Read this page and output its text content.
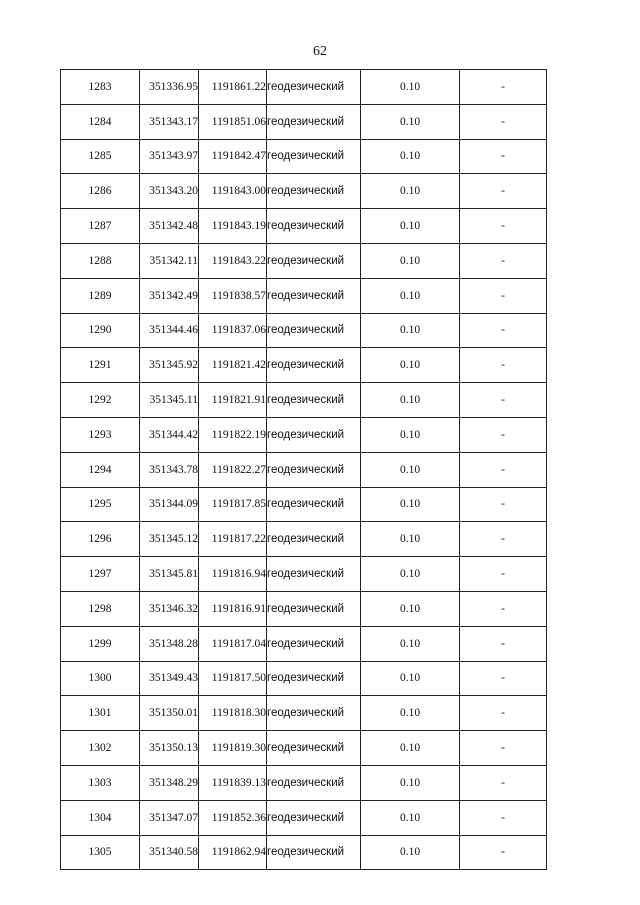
62
1283	351336.95	1191861.22	геодезический	0.10	-
1284	351343.17	1191851.06	геодезический	0.10	-
1285	351343.97	1191842.47	геодезический	0.10	-
1286	351343.20	1191843.00	геодезический	0.10	-
1287	351342.48	1191843.19	геодезический	0.10	-
1288	351342.11	1191843.22	геодезический	0.10	-
1289	351342.49	1191838.57	геодезический	0.10	-
1290	351344.46	1191837.06	геодезический	0.10	-
1291	351345.92	1191821.42	геодезический	0.10	-
1292	351345.11	1191821.91	геодезический	0.10	-
1293	351344.42	1191822.19	геодезический	0.10	-
1294	351343.78	1191822.27	геодезический	0.10	-
1295	351344.09	1191817.85	геодезический	0.10	-
1296	351345.12	1191817.22	геодезический	0.10	-
1297	351345.81	1191816.94	геодезический	0.10	-
1298	351346.32	1191816.91	геодезический	0.10	-
1299	351348.28	1191817.04	геодезический	0.10	-
1300	351349.43	1191817.50	геодезический	0.10	-
1301	351350.01	1191818.30	геодезический	0.10	-
1302	351350.13	1191819.30	геодезический	0.10	-
1303	351348.29	1191839.13	геодезический	0.10	-
1304	351347.07	1191852.36	геодезический	0.10	-
1305	351340.58	1191862.94	геодезический	0.10	-
